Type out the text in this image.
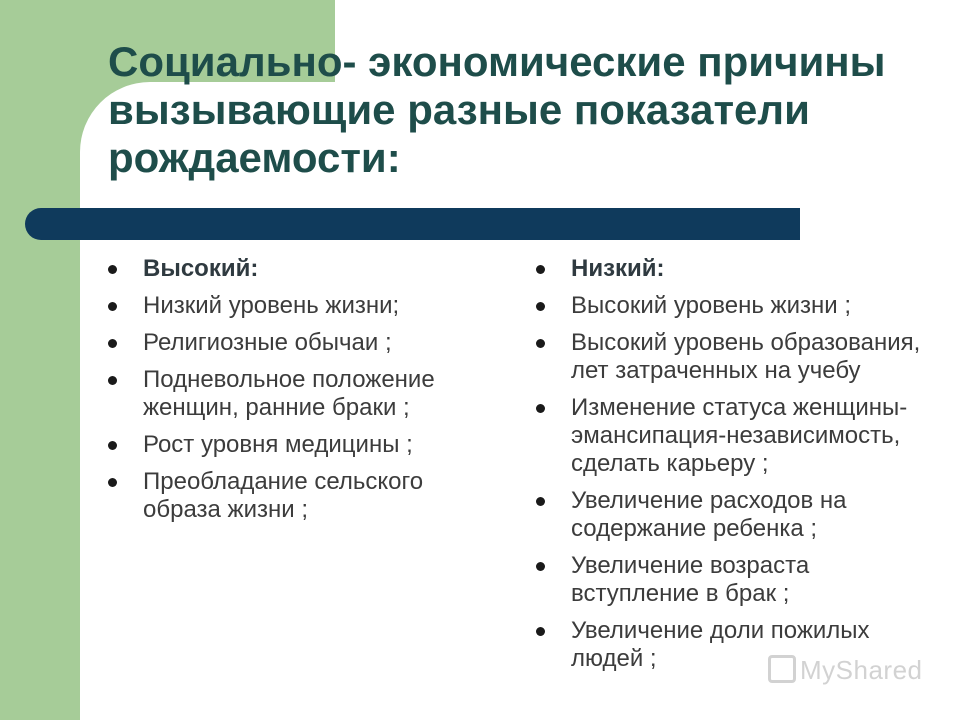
Социально- экономические причины вызывающие разные показатели рождаемости:
Высокий:
Низкий уровень жизни;
Религиозные обычаи ;
Подневольное положение женщин, ранние браки ;
Рост уровня медицины ;
Преобладание сельского образа жизни ;
Низкий:
Высокий уровень жизни ;
Высокий уровень образования, лет затраченных на учебу
Изменение статуса женщины-эмансипация-независимость, сделать карьеру ;
Увеличение расходов на содержание ребенка ;
Увеличение возраста вступление в брак ;
Увеличение доли пожилых людей ;	MyShared
